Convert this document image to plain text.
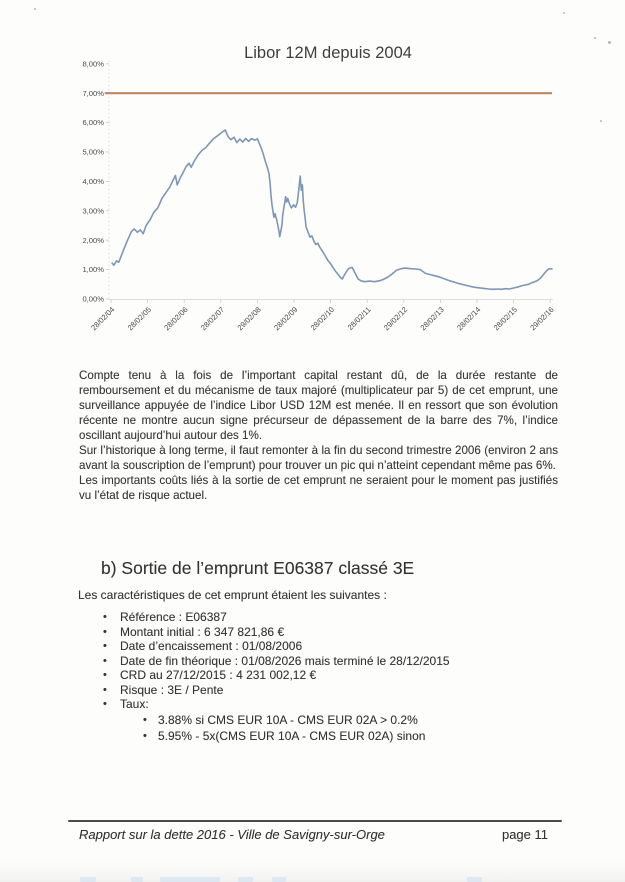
Libor 12M depuis 2004
0,00%
1,00%
2,00%
3,00%
4,00%
5,00%
6,00%
7,00%
8,00%
28/02/04 28/02/05 28/02/06 28/02/07 29/02/08 28/02/09 28/02/10 28/02/11 29/02/12 28/02/13 28/02/14 28/02/15 29/02/16

Compte tenu à la fois de l’important capital restant dû, de la durée restante de remboursement et du mécanisme de taux majoré (multiplicateur par 5) de cet emprunt, une surveillance appuyée de l’indice Libor USD 12M est menée. Il en ressort que son évolution récente ne montre aucun signe précurseur de dépassement de la barre des 7%, l’indice oscillant aujourd’hui autour des 1%.

Sur l’historique à long terme, il faut remonter à la fin du second trimestre 2006 (environ 2 ans avant la souscription de l’emprunt) pour trouver un pic qui n’atteint cependant même pas 6%.

Les importants coûts liés à la sortie de cet emprunt ne seraient pour le moment pas justifiés vu l’état de risque actuel.

b) Sortie de l’emprunt E06387 classé 3E
Les caractéristiques de cet emprunt étaient les suivantes :
•	Référence : E06387
•	Montant initial : 6 347 821,86 €
•	Date d’encaissement : 01/08/2006
•	Date de fin théorique : 01/08/2026 mais terminé le 28/12/2015
•	CRD au 27/12/2015 : 4 231 002,12 €
•	Risque : 3E / Pente
•	Taux:
• 3.88% si CMS EUR 10A - CMS EUR 02A > 0.2%
• 5.95% - 5x(CMS EUR 10A - CMS EUR 02A) sinon
Rapport sur la dette 2016 - Ville de Savigny-sur-Orge	page 11
